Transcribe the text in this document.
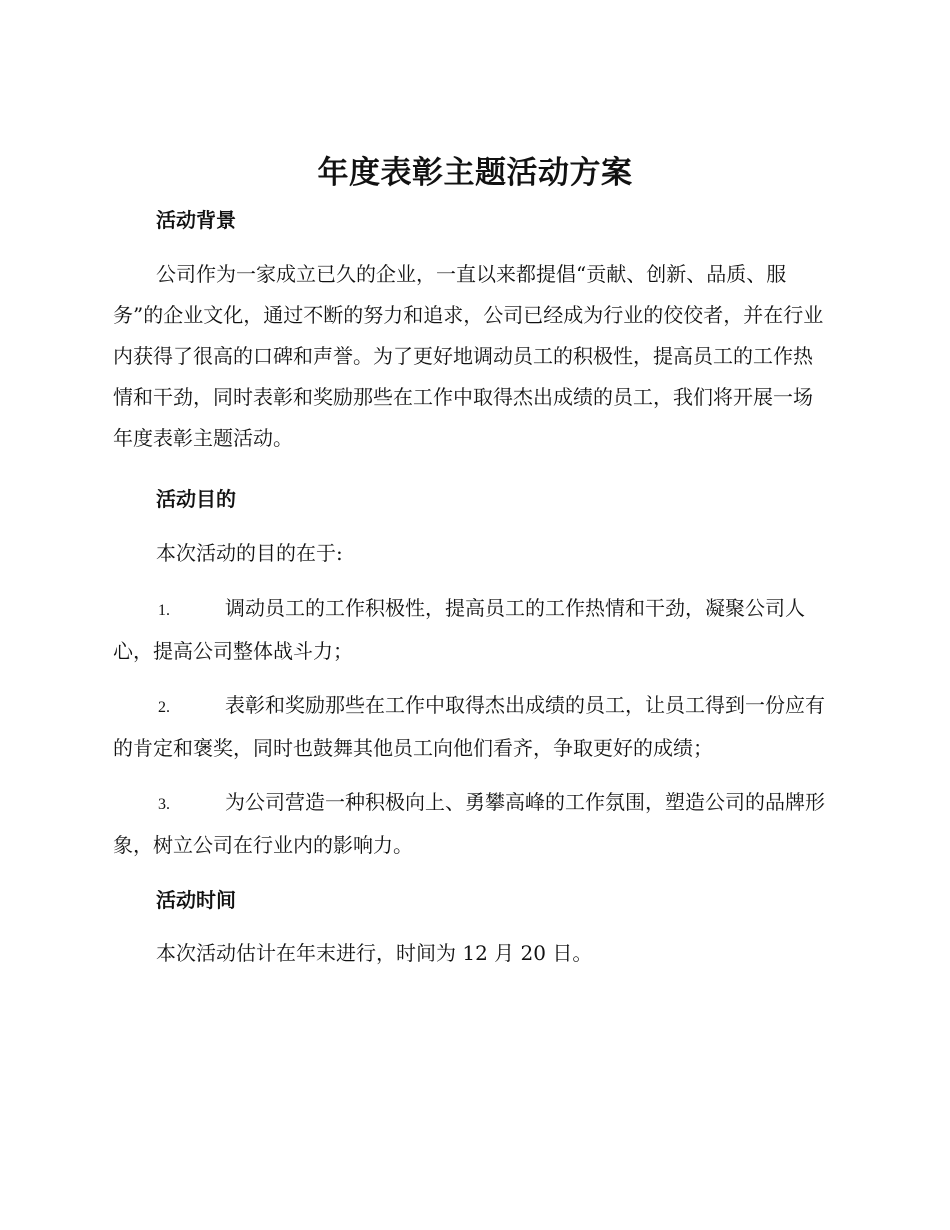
年度表彰主题活动方案
活动背景

公司作为一家成立已久的企业，一直以来都提倡“贡献、创新、品质、服务”的企业文化，通过不断的努力和追求，公司已经成为行业的佼佼者，并在行业内获得了很高的口碑和声誉。为了更好地调动员工的积极性，提高员工的工作热情和干劲，同时表彰和奖励那些在工作中取得杰出成绩的员工，我们将开展一场年度表彰主题活动。

活动目的

本次活动的目的在于:

1.	调动员工的工作积极性，提高员工的工作热情和干劲，凝聚公司人心，提高公司整体战斗力；

2.	表彰和奖励那些在工作中取得杰出成绩的员工，让员工得到一份应有的肯定和褒奖，同时也鼓舞其他员工向他们看齐，争取更好的成绩；

3.	为公司营造一种积极向上、勇攀高峰的工作氛围，塑造公司的品牌形象，树立公司在行业内的影响力。

活动时间

本次活动估计在年末进行，时间为 12 月 20 日。
